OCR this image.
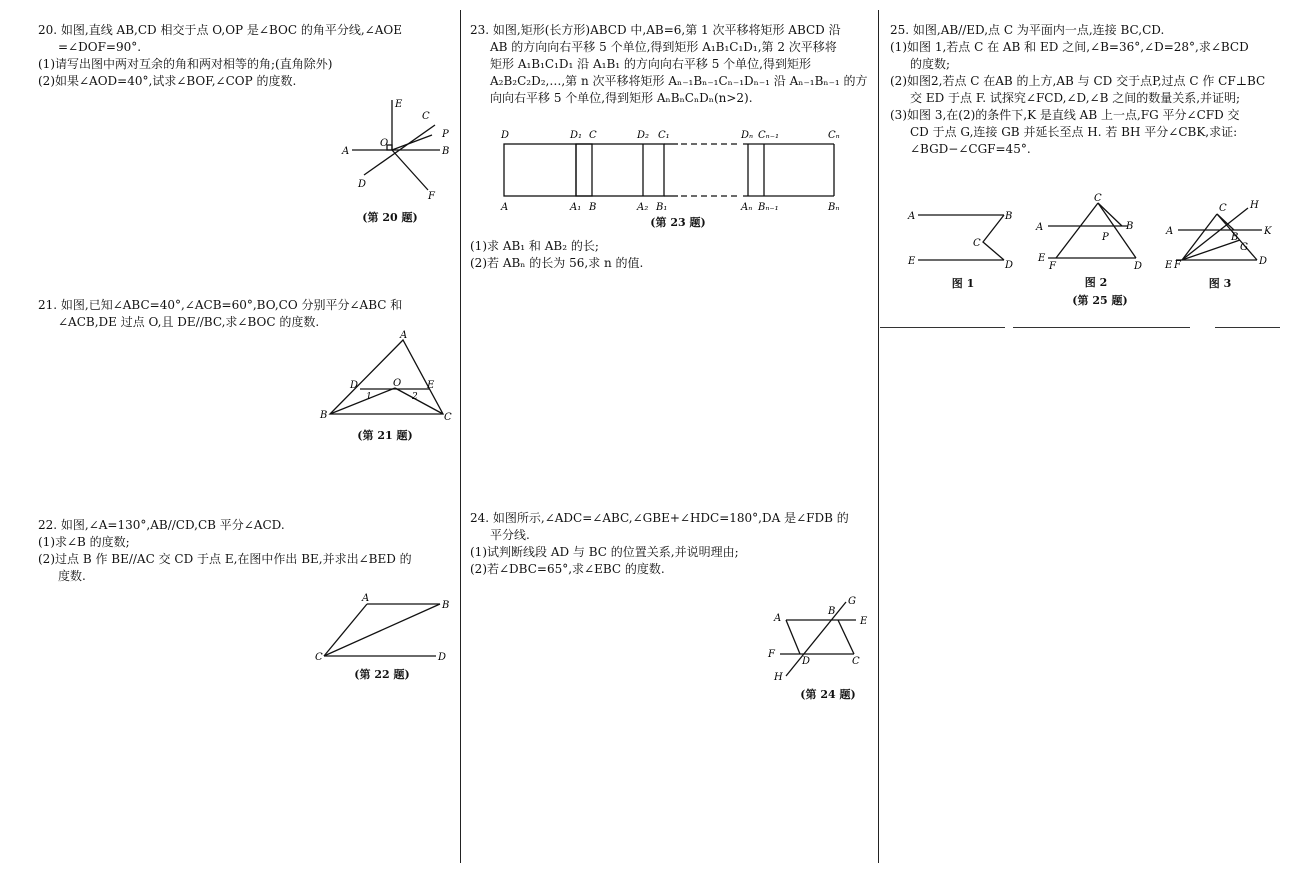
20. 如图,直线 AB,CD 相交于点 O,OP 是∠BOC 的角平分线,∠AOE

=∠DOF=90°.

(1)请写出图中两对互余的角和两对相等的角;(直角除外)

(2)如果∠AOD=40°,试求∠BOF,∠COP 的度数.

E
C
P
A
O
B
D
F
(第 20 题)

21. 如图,已知∠ABC=40°,∠ACB=60°,BO,CO 分别平分∠ABC 和

∠ACB,DE 过点 O,且 DE//BC,求∠BOC 的度数.

A
D	O	E
1	2
B	C
(第 21 题)

22. 如图,∠A=130°,AB//CD,CB 平分∠ACD.

(1)求∠B 的度数;

(2)过点 B 作 BE//AC 交 CD 于点 E,在图中作出 BE,并求出∠BED 的

度数.

A
B
C	D
(第 22 题)

23. 如图,矩形(长方形)ABCD 中,AB=6,第 1 次平移将矩形 ABCD 沿

AB 的方向向右平移 5 个单位,得到矩形 A₁B₁C₁D₁,第 2 次平移将

矩形 A₁B₁C₁D₁ 沿 A₁B₁ 的方向向右平移 5 个单位,得到矩形

A₂B₂C₂D₂,…,第 n 次平移将矩形 Aₙ₋₁Bₙ₋₁Cₙ₋₁Dₙ₋₁ 沿 Aₙ₋₁Bₙ₋₁ 的方

向向右平移 5 个单位,得到矩形 AₙBₙCₙDₙ(n>2).

D	D₁ C	D₂ C₁	Dₙ Cₙ₋₁	Cₙ
A	A₁ B	A₂ B₁	Aₙ Bₙ₋₁	Bₙ
(第 23 题)

(1)求 AB₁ 和 AB₂ 的长;

(2)若 ABₙ 的长为 56,求 n 的值.

24. 如图所示,∠ADC=∠ABC,∠GBE+∠HDC=180°,DA 是∠FDB 的

平分线.

(1)试判断线段 AD 与 BC 的位置关系,并说明理由;

(2)若∠DBC=65°,求∠EBC 的度数.

A
B
G
E
F
D	C
H
(第 24 题)

25. 如图,AB//ED,点 C 为平面内一点,连接 BC,CD.

(1)如图 1,若点 C 在 AB 和 ED 之间,∠B=36°,∠D=28°,求∠BCD

的度数;

(2)如图2,若点 C 在AB 的上方,AB 与 CD 交于点P,过点 C 作 CF⊥BC

交 ED 于点 F. 试探究∠FCD,∠D,∠B 之间的数量关系,并证明;

(3)如图 3,在(2)的条件下,K 是直线 AB 上一点,FG 平分∠CFD 交

CD 于点 G,连接 GB 并延长至点 H. 若 BH 平分∠CBK,求证:

∠BGD−∠CGF=45°.

A	B
C
E	D
图 1
C
A	B
P
E
F	D
图 2
C H
A
B
K
G
E F	D
图 3
(第 25 题)
